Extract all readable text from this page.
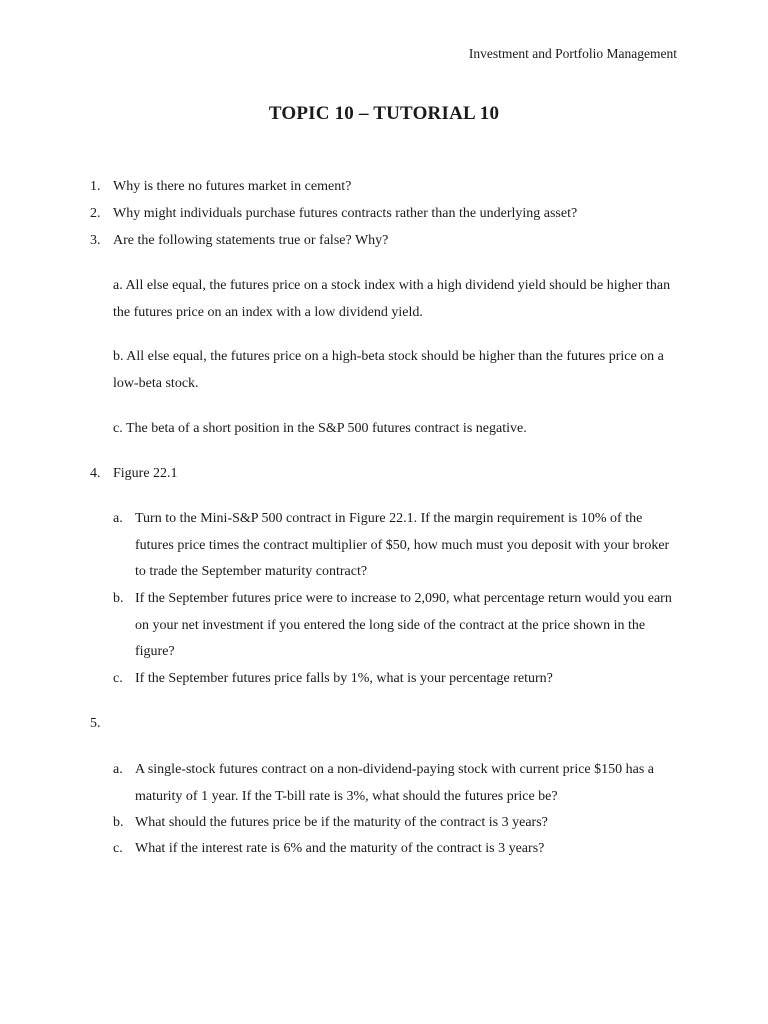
Investment and Portfolio Management
TOPIC 10 – TUTORIAL 10
1. Why is there no futures market in cement?
2. Why might individuals purchase futures contracts rather than the underlying asset?
3. Are the following statements true or false? Why?
a. All else equal, the futures price on a stock index with a high dividend yield should be higher than the futures price on an index with a low dividend yield.
b. All else equal, the futures price on a high-beta stock should be higher than the futures price on a low-beta stock.
c. The beta of a short position in the S&P 500 futures contract is negative.
4. Figure 22.1
a. Turn to the Mini-S&P 500 contract in Figure 22.1. If the margin requirement is 10% of the futures price times the contract multiplier of $50, how much must you deposit with your broker to trade the September maturity contract?
b. If the September futures price were to increase to 2,090, what percentage return would you earn on your net investment if you entered the long side of the contract at the price shown in the figure?
c. If the September futures price falls by 1%, what is your percentage return?
5.
a. A single-stock futures contract on a non-dividend-paying stock with current price $150 has a maturity of 1 year. If the T-bill rate is 3%, what should the futures price be?
b. What should the futures price be if the maturity of the contract is 3 years?
c. What if the interest rate is 6% and the maturity of the contract is 3 years?
